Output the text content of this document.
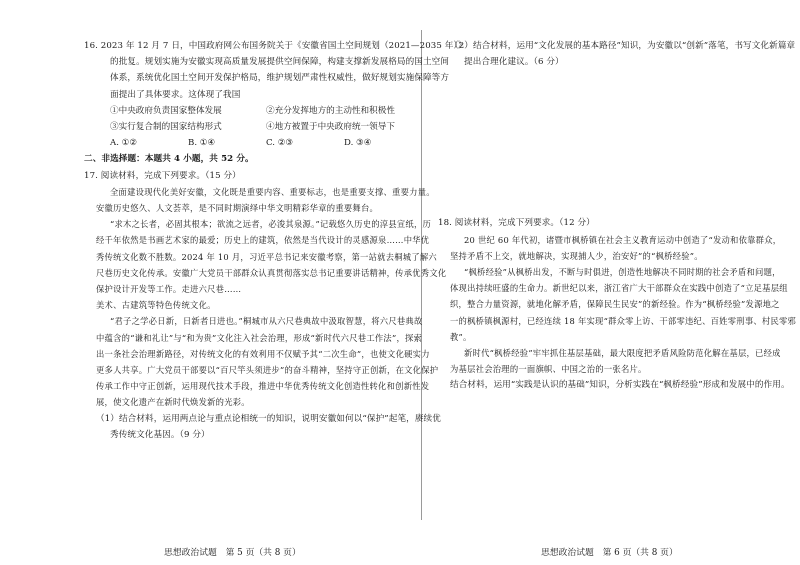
16. 2023 年 12 月 7 日，中国政府网公布国务院关于《安徽省国土空间规划（2021—2035 年）》
的批复。规划实施为安徽实现高质量发展提供空间保障，构建支撑新发展格局的国土空间
体系，系统优化国土空间开发保护格局，维护规划严肃性权威性，做好规划实施保障等方
面提出了具体要求。这体现了我国
①中央政府负责国家整体发展	②充分发挥地方的主动性和积极性
③实行复合制的国家结构形式	④地方被置于中央政府统一领导下
A. ①②	B. ①④	C. ②③	D. ③④
二、非选择题：本题共 4 小题，共 52 分。
17. 阅读材料，完成下列要求。（15 分）
全面建设现代化美好安徽，文化既是重要内容、重要标志，也是重要支撑、重要力量。
安徽历史悠久、人文荟萃，是不同时期演绎中华文明精彩华章的重要舞台。
“求木之长者，必固其根本；欲流之远者，必浚其泉源。”记载悠久历史的淳县宣纸，历
经千年依然是书画艺术家的最爱；历史上的建筑，依然是当代设计的灵感源泉……中华优
秀传统文化数不胜数。2024 年 10 月，习近平总书记来安徽考察，第一站就去桐城了解六
尺巷历史文化传承。安徽广大党员干部群众认真贯彻落实总书记重要讲话精神，传承优秀文化
保护设计开发等工作。走进六尺巷……
美术、古建筑等特色传统文化。
“君子之学必日新，日新者日进也。”桐城市从六尺巷典故中汲取智慧，将六尺巷典故
中蕴含的“谦和礼让”与“和为贵”文化注入社会治理，形成“新时代六尺巷工作法”，探索
出一条社会治理新路径，对传统文化的有效利用不仅赋予其“二次生命”，也使文化硬实力
更多人共享。广大党员干部要以“百尺竿头须进步”的奋斗精神，坚持守正创新，在文化保护
传承工作中守正创新，运用现代技术手段，推进中华优秀传统文化创造性转化和创新性发
展，使文化遗产在新时代焕发新的光彩。
（1）结合材料，运用两点论与重点论相统一的知识，说明安徽如何以“保护”起笔，赓续优
秀传统文化基因。（9 分）
（2）结合材料，运用“文化发展的基本路径”知识，为安徽以“创新”落笔，书写文化新篇章
提出合理化建议。（6 分）
18. 阅读材料，完成下列要求。（12 分）
20 世纪 60 年代初，诸暨市枫桥镇在社会主义教育运动中创造了“发动和依靠群众，
坚持矛盾不上交，就地解决，实现捕人少，治安好”的“枫桥经验”。
“枫桥经验”从枫桥出发，不断与时俱进，创造性地解决不同时期的社会矛盾和问题，
体现出持续旺盛的生命力。新世纪以来，浙江省广大干部群众在实践中创造了“立足基层组
织，整合力量资源，就地化解矛盾，保障民生民安”的新经验。作为“枫桥经验”发源地之
一的枫桥镇枫源村，已经连续 18 年实现“群众零上访、干部零违纪、百姓零刑事、村民零邪
教”。
新时代“枫桥经验”牢牢抓住基层基础，最大限度把矛盾风险防范化解在基层，已经成
为基层社会治理的一面旗帜、中国之治的一张名片。
结合材料，运用“实践是认识的基础”知识，分析实践在“枫桥经验”形成和发展中的作用。
思想政治试题　第 5 页（共 8 页）	思想政治试题　第 6 页（共 8 页）
